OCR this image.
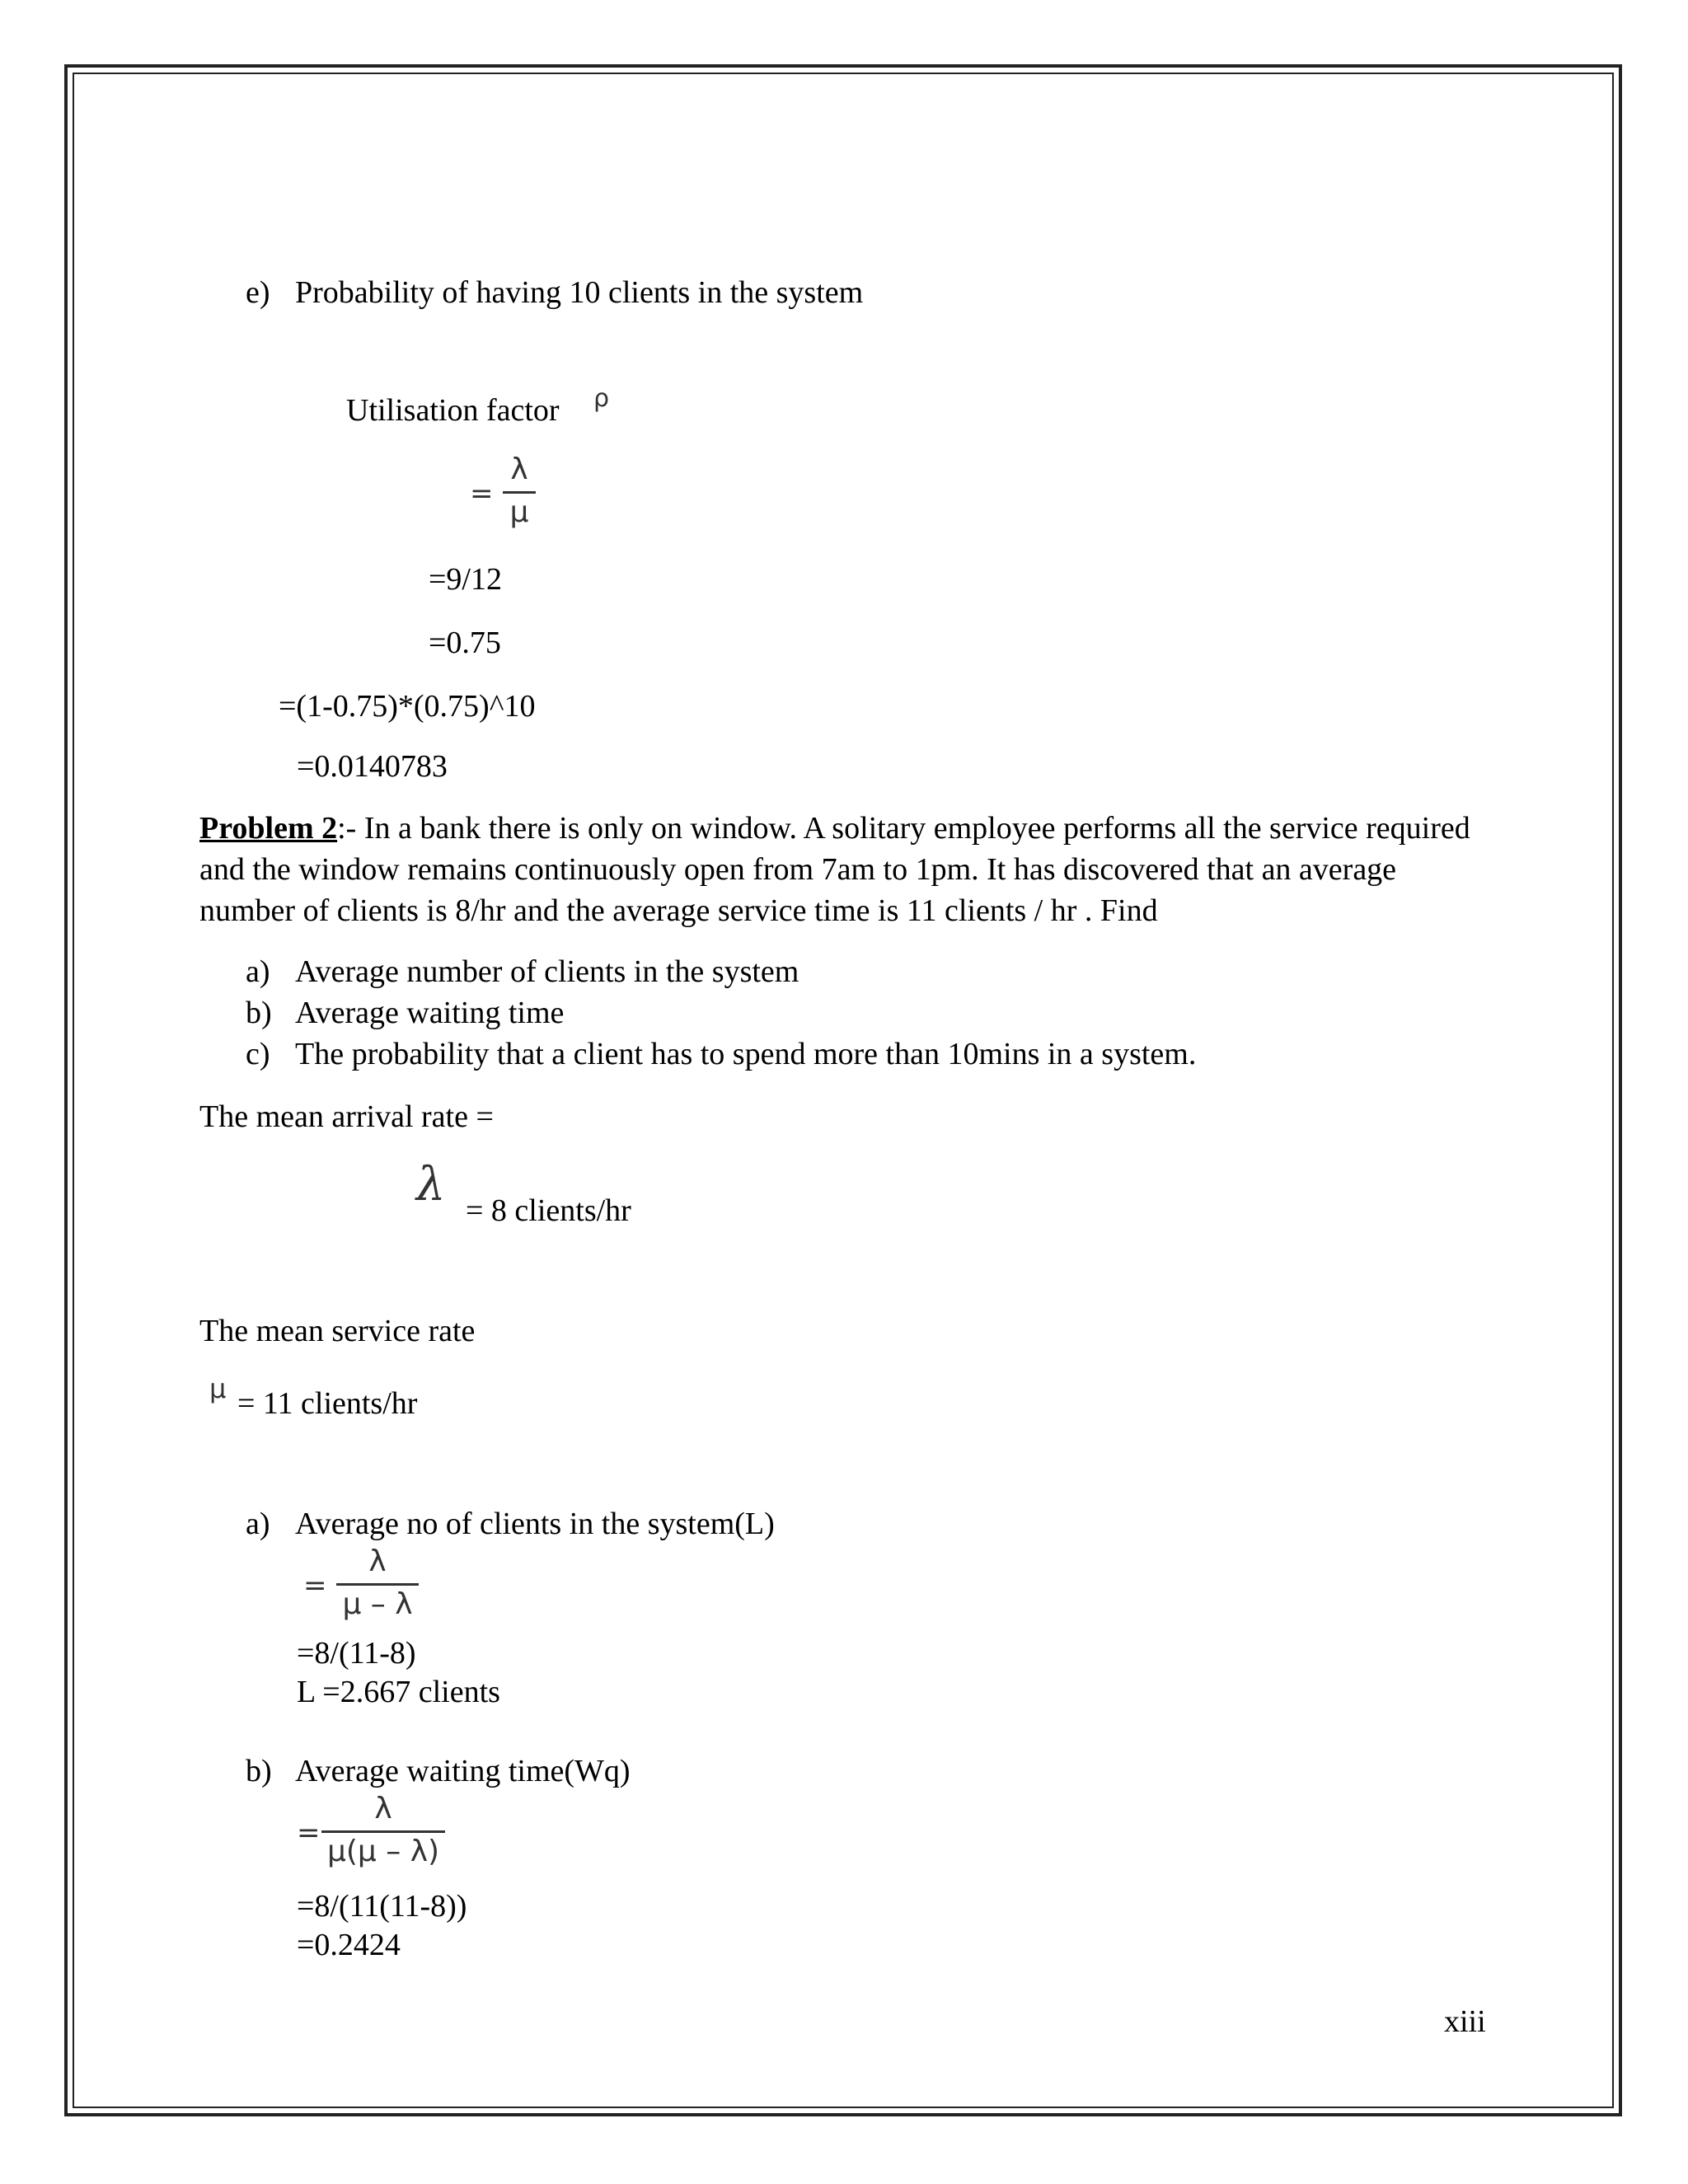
e) Probability of having 10 clients in the system
Utilisation factor ρ
=
λ
μ
=9/12
=0.75
=(1-0.75)*(0.75)^10
=0.0140783
Problem 2:- In a bank there is only on window. A solitary employee performs all the service required and the window remains continuously open from 7am to 1pm. It has discovered that an average number of clients is 8/hr and the average service time is 11 clients / hr . Find
a) Average number of clients in the system
b) Average waiting time
c) The probability that a client has to spend more than 10mins in a system.
The mean arrival rate =
λ = 8 clients/hr
The mean service rate
μ = 11 clients/hr
a) Average no of clients in the system(L)
=
λ
μ – λ
=8/(11-8)
L =2.667 clients
b) Average waiting time(Wq)
=
λ
μ(μ – λ)
=8/(11(11-8))
=0.2424
xiii
